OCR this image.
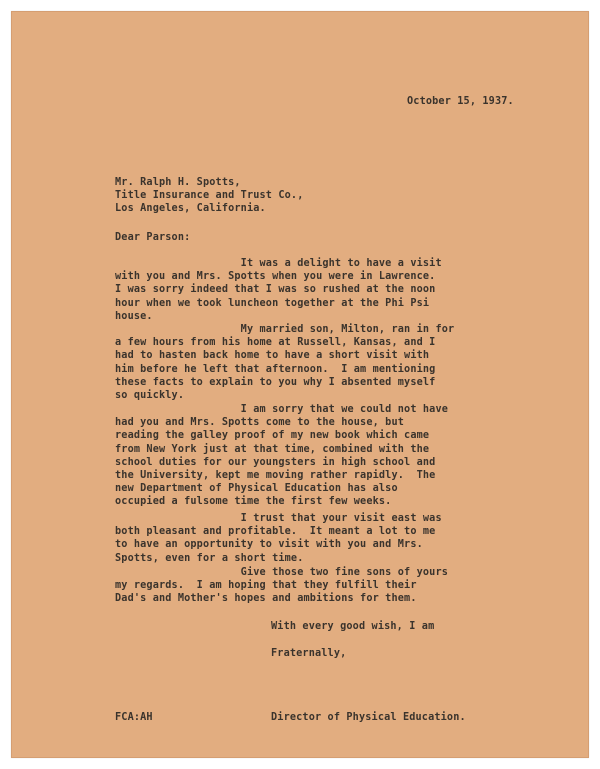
October 15, 1937.
Mr. Ralph H. Spotts,
Title Insurance and Trust Co.,
Los Angeles, California.
Dear Parson:
It was a delight to have a visit
with you and Mrs. Spotts when you were in Lawrence.
I was sorry indeed that I was so rushed at the noon
hour when we took luncheon together at the Phi Psi
house.
My married son, Milton, ran in for
a few hours from his home at Russell, Kansas, and I
had to hasten back home to have a short visit with
him before he left that afternoon.  I am mentioning
these facts to explain to you why I absented myself
so quickly.
I am sorry that we could not have
had you and Mrs. Spotts come to the house, but
reading the galley proof of my new book which came
from New York just at that time, combined with the
school duties for our youngsters in high school and
the University, kept me moving rather rapidly.  The
new Department of Physical Education has also
occupied a fulsome time the first few weeks.
I trust that your visit east was
both pleasant and profitable.  It meant a lot to me
to have an opportunity to visit with you and Mrs.
Spotts, even for a short time.
Give those two fine sons of yours
my regards.  I am hoping that they fulfill their
Dad's and Mother's hopes and ambitions for them.
With every good wish, I am
Fraternally,
FCA:AH	Director of Physical Education.
